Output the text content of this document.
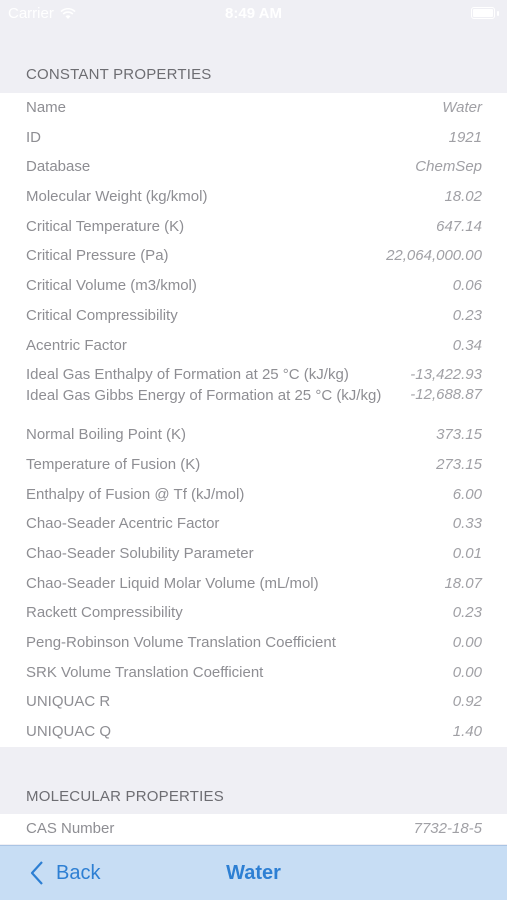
Carrier	8:49 AM
CONSTANT PROPERTIES
Name	Water
ID	1921
Database	ChemSep
Molecular Weight (kg/kmol)	18.02
Critical Temperature (K)	647.14
Critical Pressure (Pa)	22,064,000.00
Critical Volume (m3/kmol)	0.06
Critical Compressibility	0.23
Acentric Factor	0.34
Ideal Gas Enthalpy of Formation at 25 °C (kJ/kg)	-13,422.93
Ideal Gas Gibbs Energy of Formation at 25 °C (kJ/kg)	-12,688.87
Normal Boiling Point (K)	373.15
Temperature of Fusion (K)	273.15
Enthalpy of Fusion @ Tf (kJ/mol)	6.00
Chao-Seader Acentric Factor	0.33
Chao-Seader Solubility Parameter	0.01
Chao-Seader Liquid Molar Volume (mL/mol)	18.07
Rackett Compressibility	0.23
Peng-Robinson Volume Translation Coefficient	0.00
SRK Volume Translation Coefficient	0.00
UNIQUAC R	0.92
UNIQUAC Q	1.40
MOLECULAR PROPERTIES
CAS Number	7732-18-5
Back	Water
